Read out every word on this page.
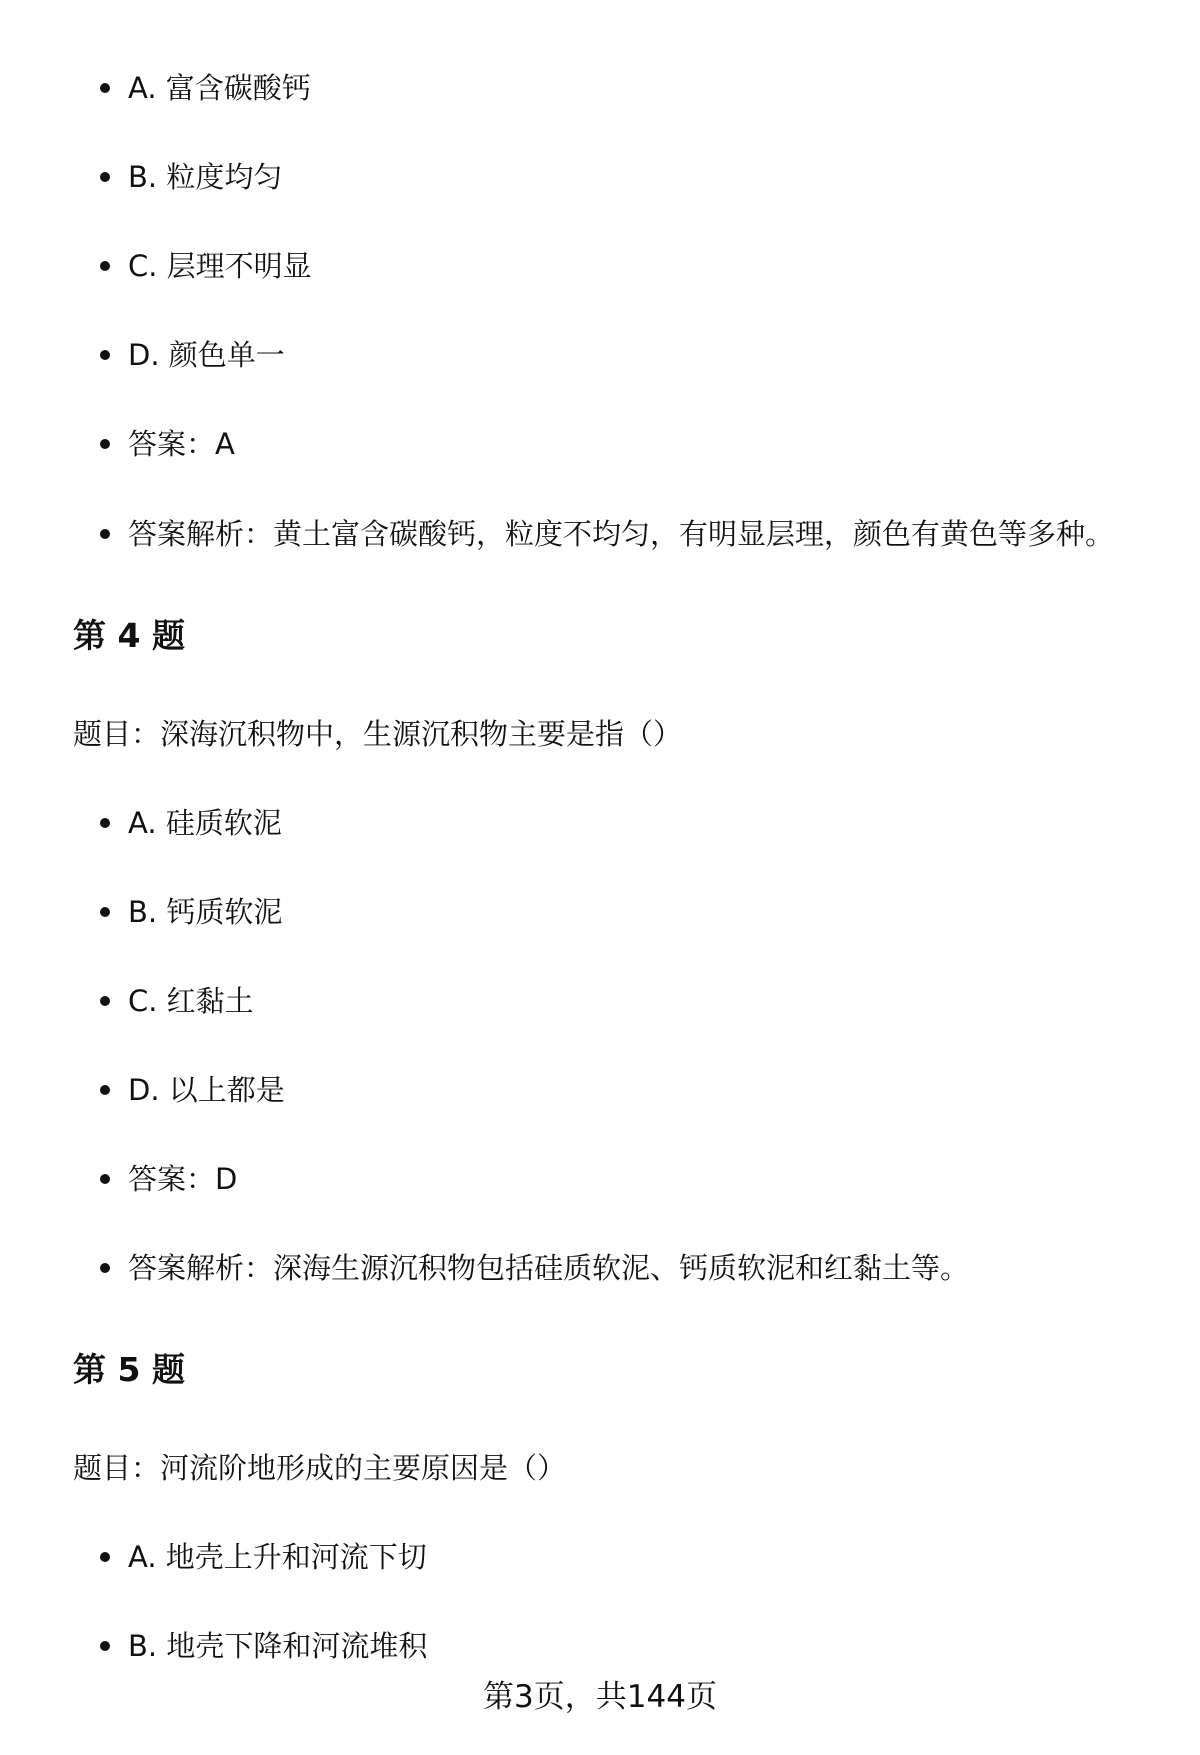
A. 富含碳酸钙
B. 粒度均匀
C. 层理不明显
D. 颜色单一
答案：A
答案解析：黄土富含碳酸钙，粒度不均匀，有明显层理，颜色有黄色等多种。
第 4 题
题目：深海沉积物中，生源沉积物主要是指（）
A. 硅质软泥
B. 钙质软泥
C. 红黏土
D. 以上都是
答案：D
答案解析：深海生源沉积物包括硅质软泥、钙质软泥和红黏土等。
第 5 题
题目：河流阶地形成的主要原因是（）
A. 地壳上升和河流下切
B. 地壳下降和河流堆积
第3页，共144页
